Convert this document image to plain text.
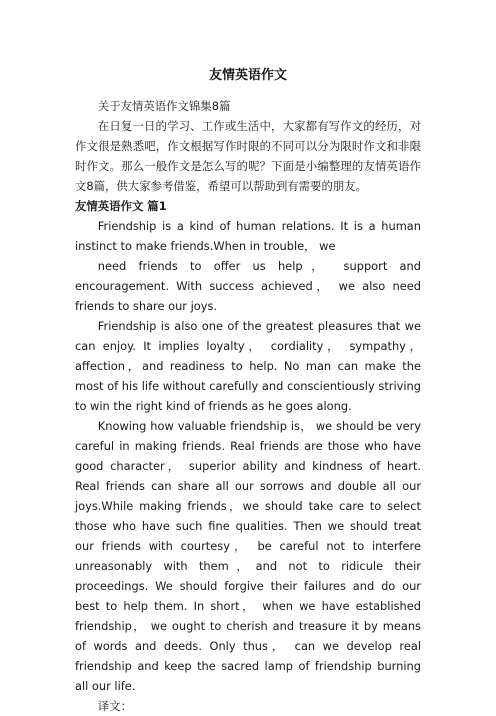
友情英语作文

关于友情英语作文锦集8篇

在日复一日的学习、工作或生活中，大家都有写作文的经历，对作文很是熟悉吧，作文根据写作时限的不同可以分为限时作文和非限时作文。那么一般作文是怎么写的呢？下面是小编整理的友情英语作文8篇，供大家参考借鉴，希望可以帮助到有需要的朋友。

友情英语作文 篇1

Friendship is a kind of human relations. It is a human instinct to make friends.When in trouble， we

need friends to offer us help， support and encouragement. With success achieved， we also need friends to share our joys.

Friendship is also one of the greatest pleasures that we can enjoy. It implies loyalty， cordiality， sympathy，affection，and readiness to help. No man can make the most of his life without carefully and conscientiously striving to win the right kind of friends as he goes along.

Knowing how valuable friendship is， we should be very careful in making friends. Real friends are those who have good character， superior ability and kindness of heart. Real friends can share all our sorrows and double all our joys.While making friends，we should take care to select those who have such fine qualities. Then we should treat our friends with courtesy， be careful not to interfere unreasonably with them，and not to ridicule their proceedings. We should forgive their failures and do our best to help them. In short， when we have established friendship， we ought to cherish and treasure it by means of words and deeds. Only thus， can we develop real friendship and keep the sacred lamp of friendship burning all our life.

译文：
